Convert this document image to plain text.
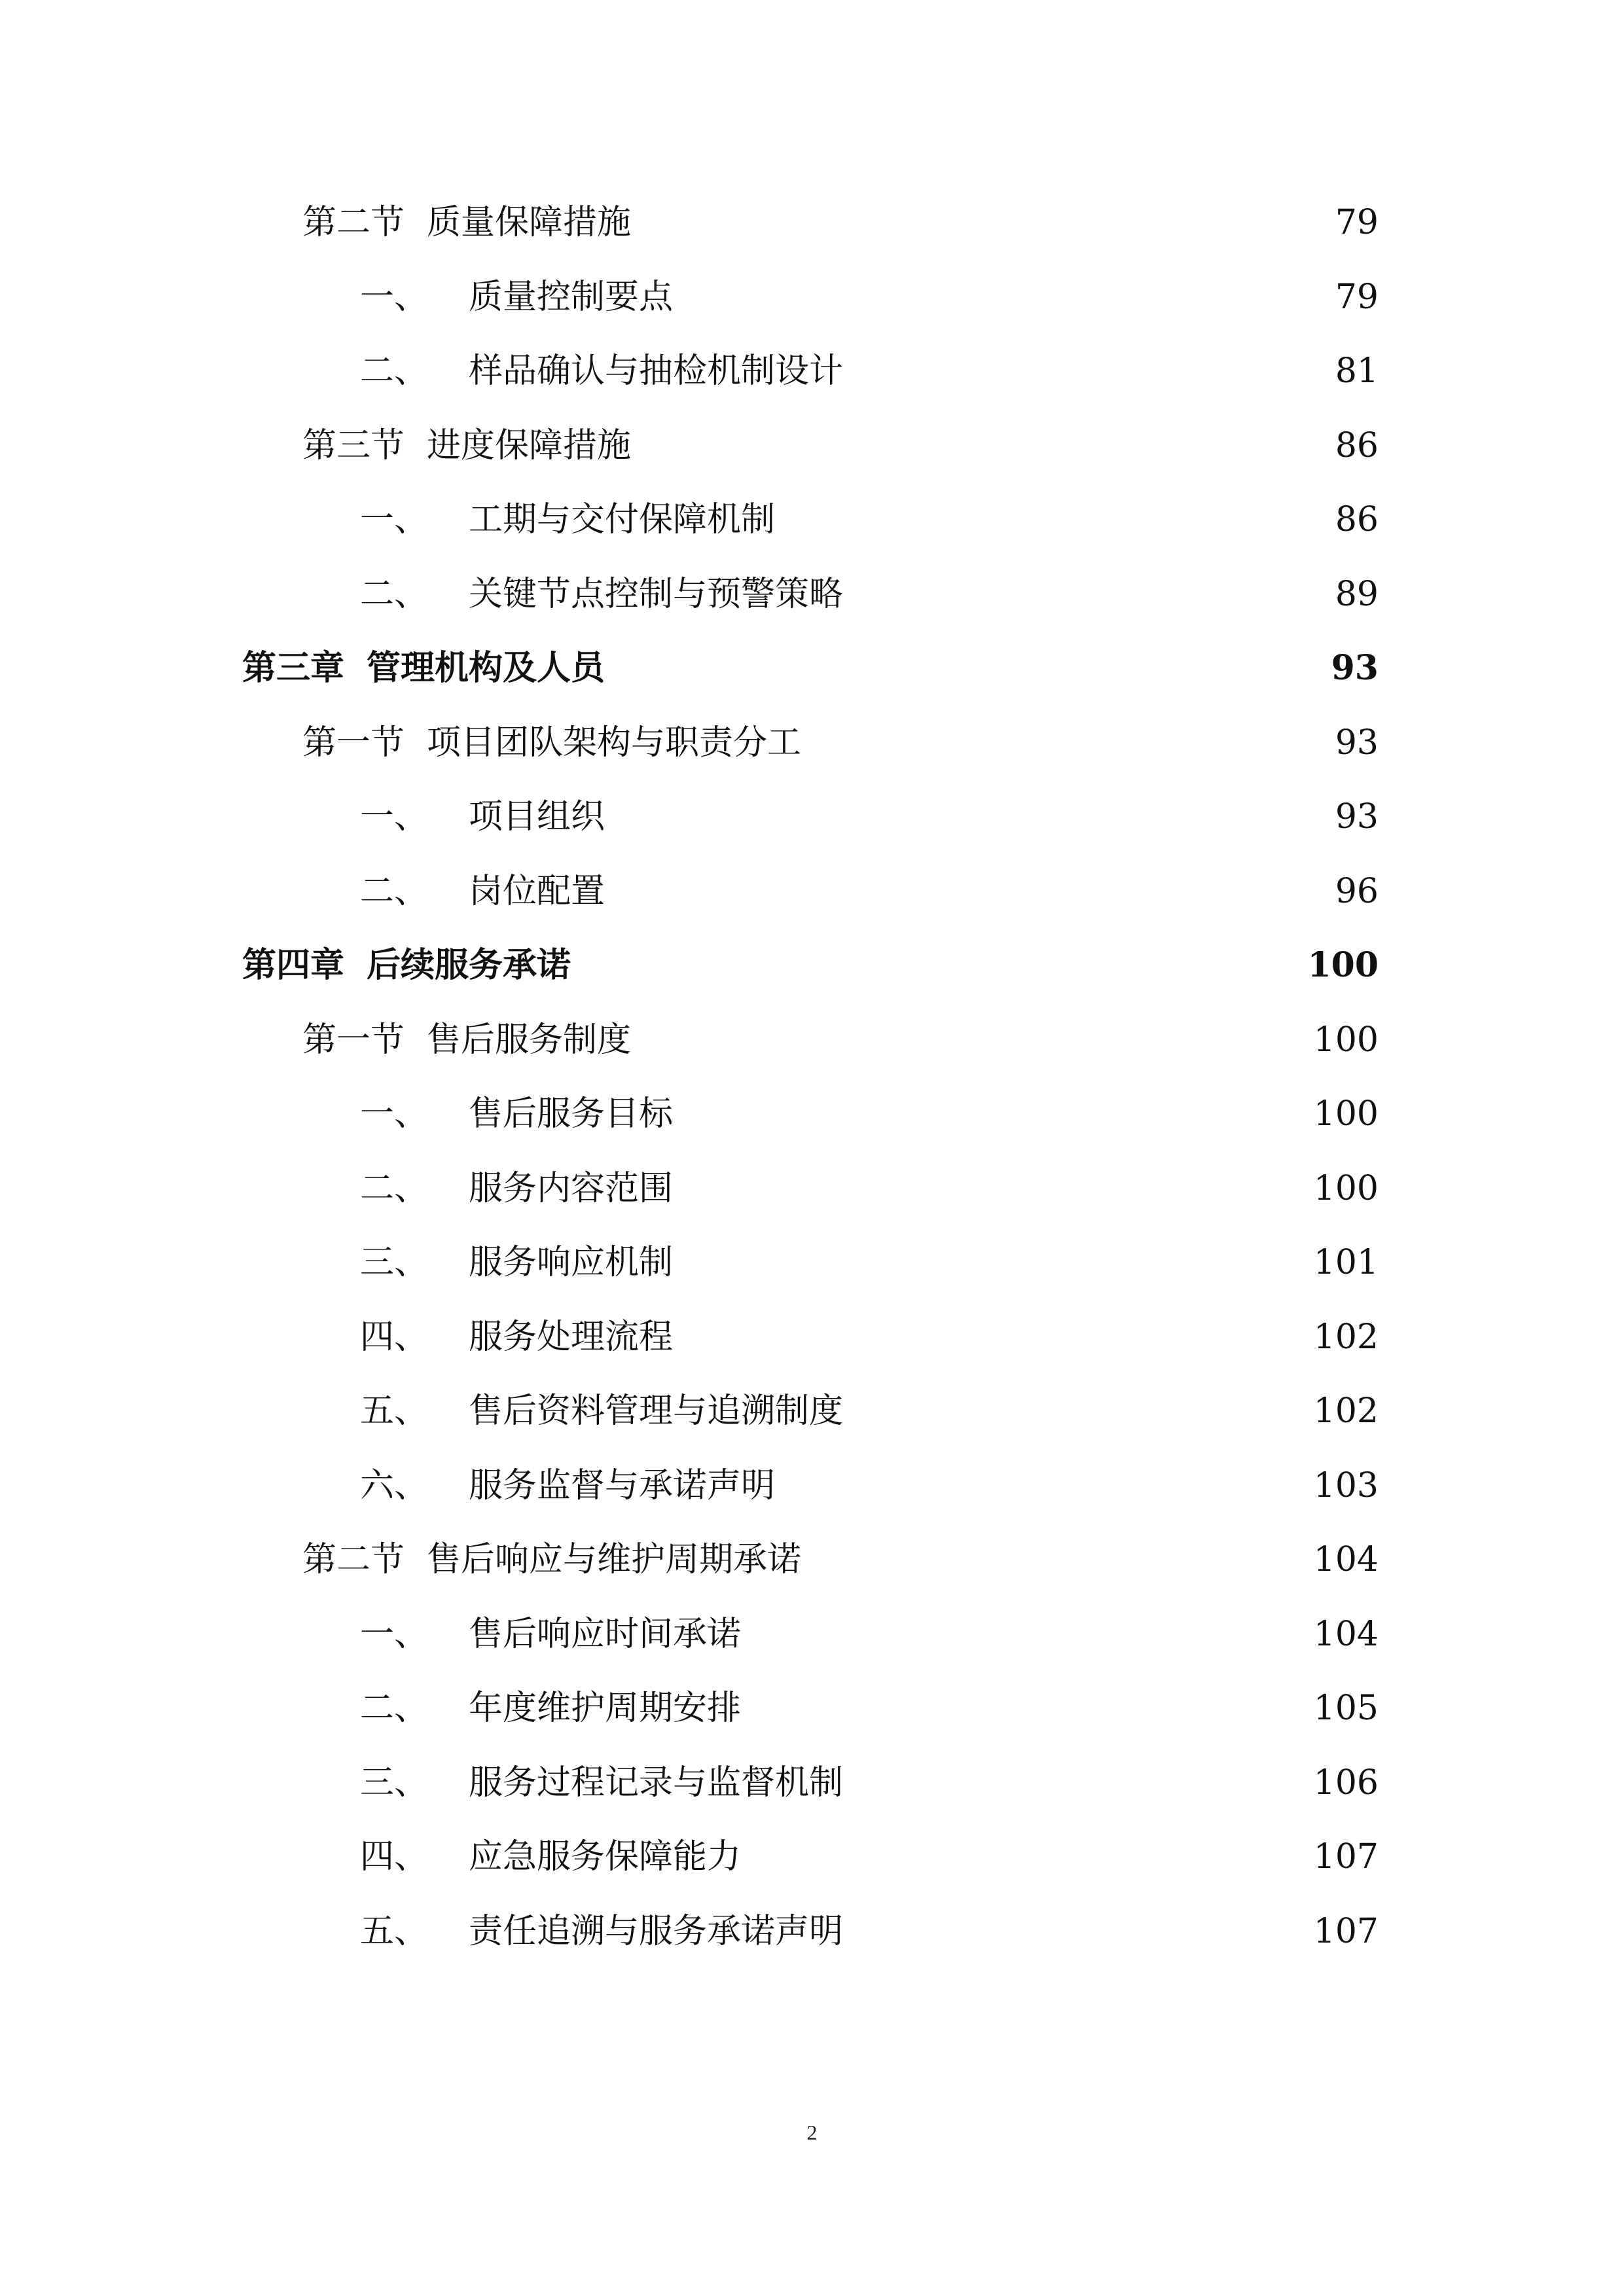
第二节 质量保障措施	79
一、 质量控制要点	79
二、 样品确认与抽检机制设计	81
第三节 进度保障措施	86
一、 工期与交付保障机制	86
二、 关键节点控制与预警策略	89
第三章 管理机构及人员	93
第一节 项目团队架构与职责分工	93
一、 项目组织	93
二、 岗位配置	96
第四章 后续服务承诺	100
第一节 售后服务制度	100
一、 售后服务目标	100
二、 服务内容范围	100
三、 服务响应机制	101
四、 服务处理流程	102
五、 售后资料管理与追溯制度	102
六、 服务监督与承诺声明	103
第二节 售后响应与维护周期承诺	104
一、 售后响应时间承诺	104
二、 年度维护周期安排	105
三、 服务过程记录与监督机制	106
四、 应急服务保障能力	107
五、 责任追溯与服务承诺声明	107
2
